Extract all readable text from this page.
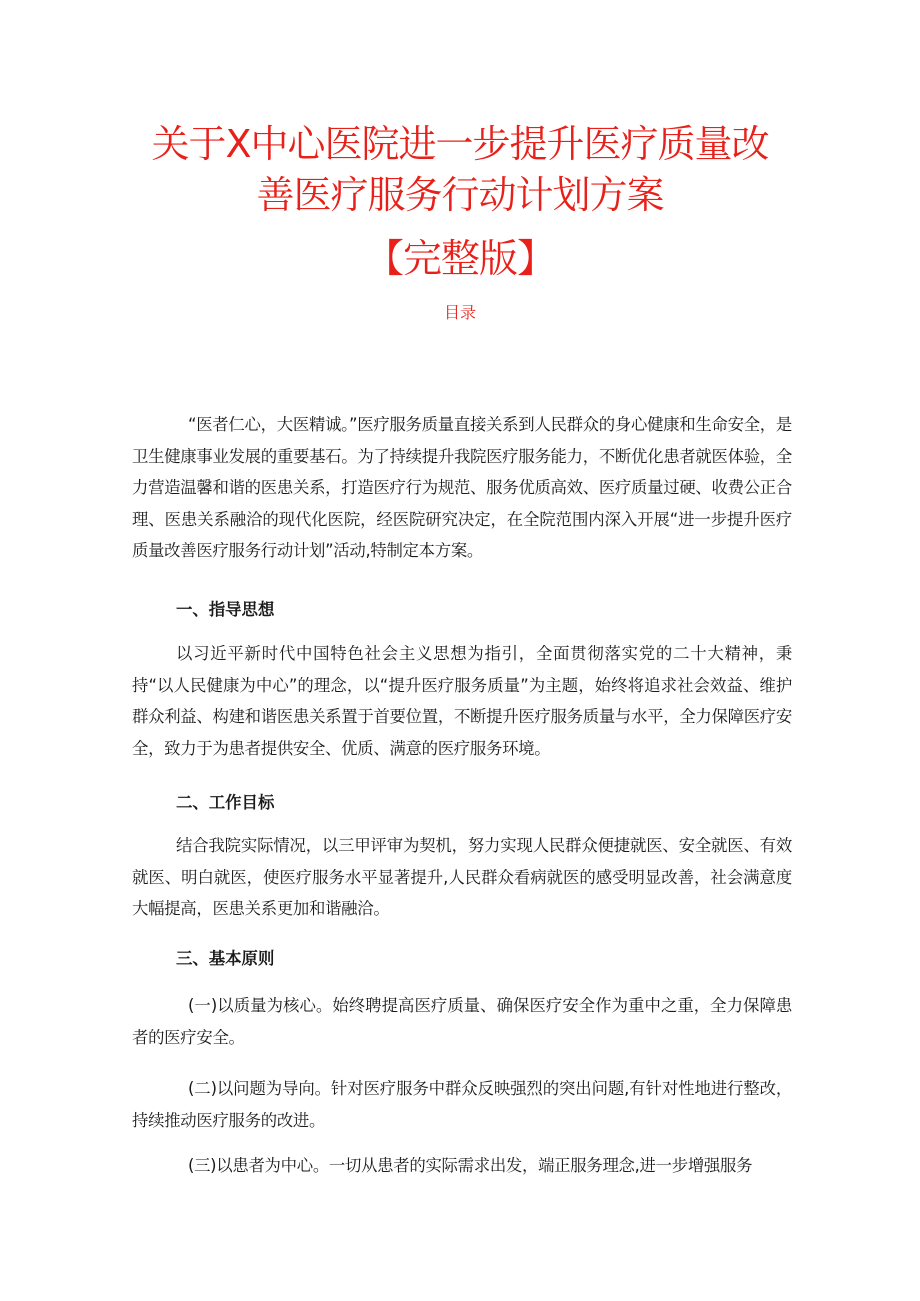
关于X中心医院进一步提升医疗质量改
善医疗服务行动计划方案
【完整版】
目录

“医者仁心，大医精诚。”医疗服务质量直接关系到人民群众的身心健康和生命安全，是卫生健康事业发展的重要基石。为了持续提升我院医疗服务能力，不断优化患者就医体验，全力营造温馨和谐的医患关系，打造医疗行为规范、服务优质高效、医疗质量过硬、收费公正合理、医患关系融洽的现代化医院，经医院研究决定，在全院范围内深入开展“进一步提升医疗质量改善医疗服务行动计划”活动,特制定本方案。

一、指导思想

以习近平新时代中国特色社会主义思想为指引，全面贯彻落实党的二十大精神，秉持“以人民健康为中心”的理念，以“提升医疗服务质量”为主题，始终将追求社会效益、维护群众利益、构建和谐医患关系置于首要位置，不断提升医疗服务质量与水平，全力保障医疗安全，致力于为患者提供安全、优质、满意的医疗服务环境。

二、工作目标

结合我院实际情况，以三甲评审为契机，努力实现人民群众便捷就医、安全就医、有效就医、明白就医，使医疗服务水平显著提升,人民群众看病就医的感受明显改善，社会满意度大幅提高，医患关系更加和谐融洽。

三、基本原则

(一)以质量为核心。始终聘提高医疗质量、确保医疗安全作为重中之重，全力保障患者的医疗安全。

(二)以问题为导向。针对医疗服务中群众反映强烈的突出问题,有针对性地进行整改，持续推动医疗服务的改进。

(三)以患者为中心。一切从患者的实际需求出发，端正服务理念,进一步增强服务
